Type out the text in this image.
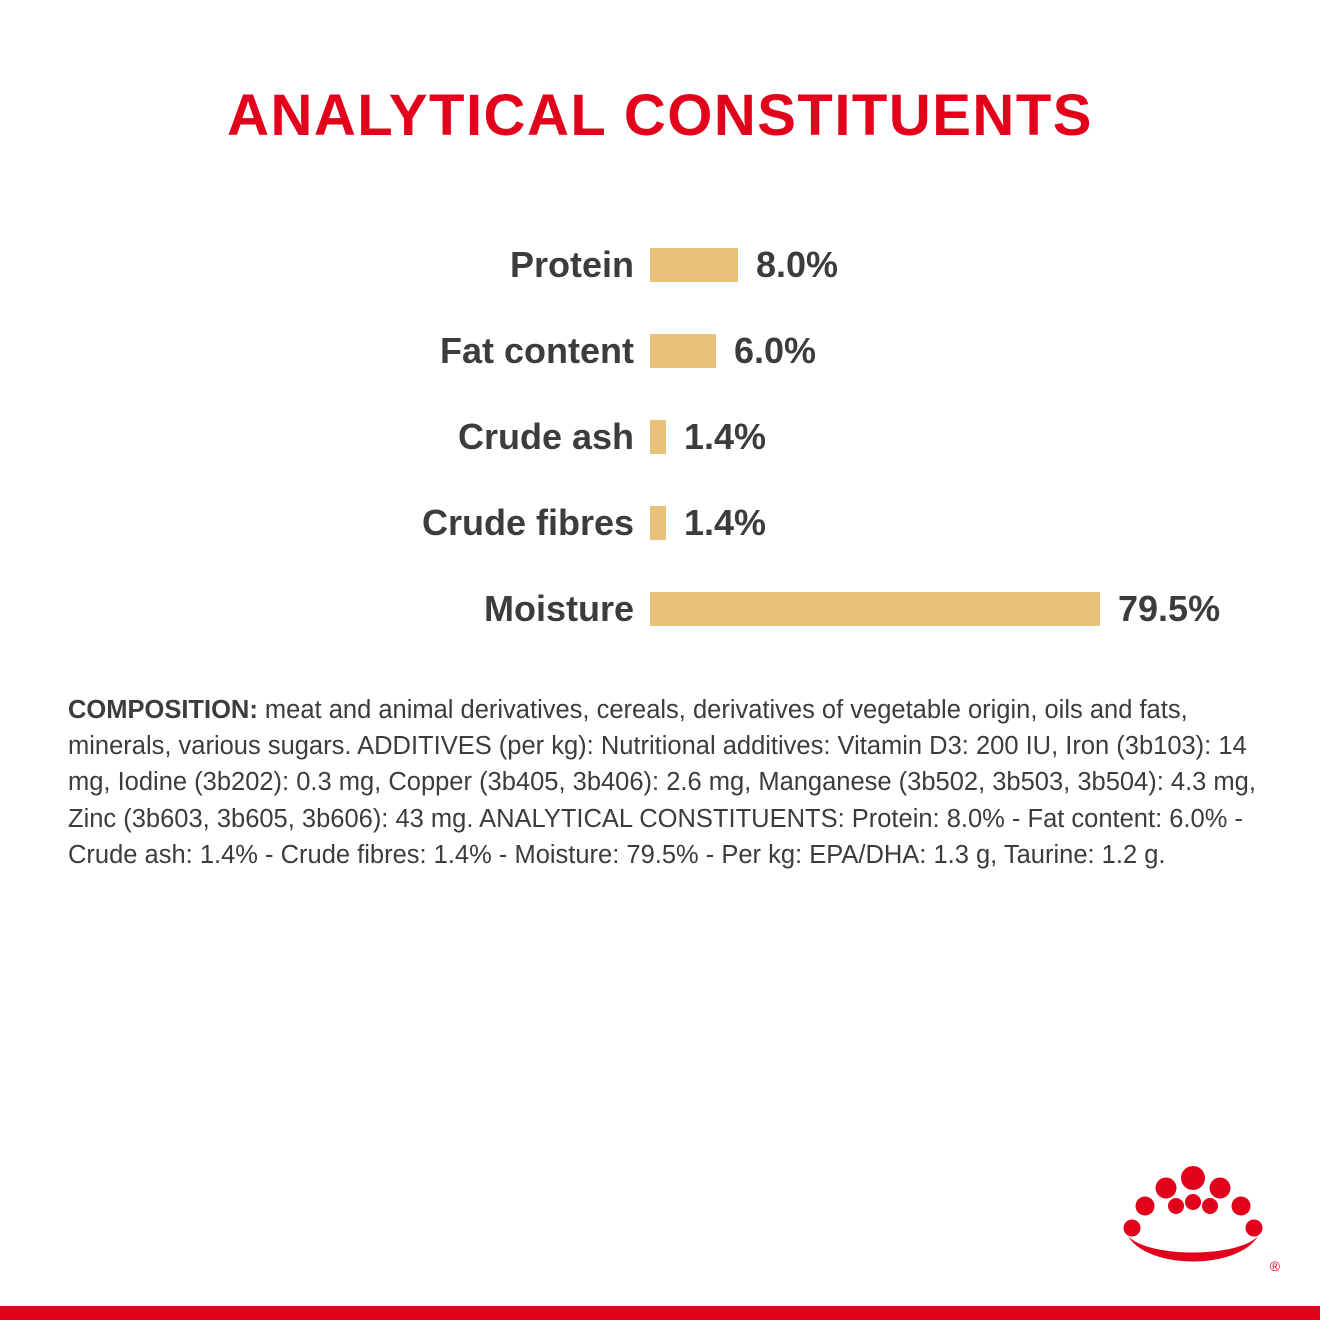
ANALYTICAL CONSTITUENTS
Protein	8.0%
Fat content	6.0%
Crude ash	1.4%
Crude fibres	1.4%
Moisture	79.5%
COMPOSITION: meat and animal derivatives, cereals, derivatives of vegetable origin, oils and fats, minerals, various sugars. ADDITIVES (per kg): Nutritional additives: Vitamin D3: 200 IU, Iron (3b103): 14 mg, Iodine (3b202): 0.3 mg, Copper (3b405, 3b406): 2.6 mg, Manganese (3b502, 3b503, 3b504): 4.3 mg, Zinc (3b603, 3b605, 3b606): 43 mg. ANALYTICAL CONSTITUENTS: Protein: 8.0% - Fat content: 6.0% - Crude ash: 1.4% - Crude fibres: 1.4% - Moisture: 79.5% - Per kg: EPA/DHA: 1.3 g, Taurine: 1.2 g.
®
